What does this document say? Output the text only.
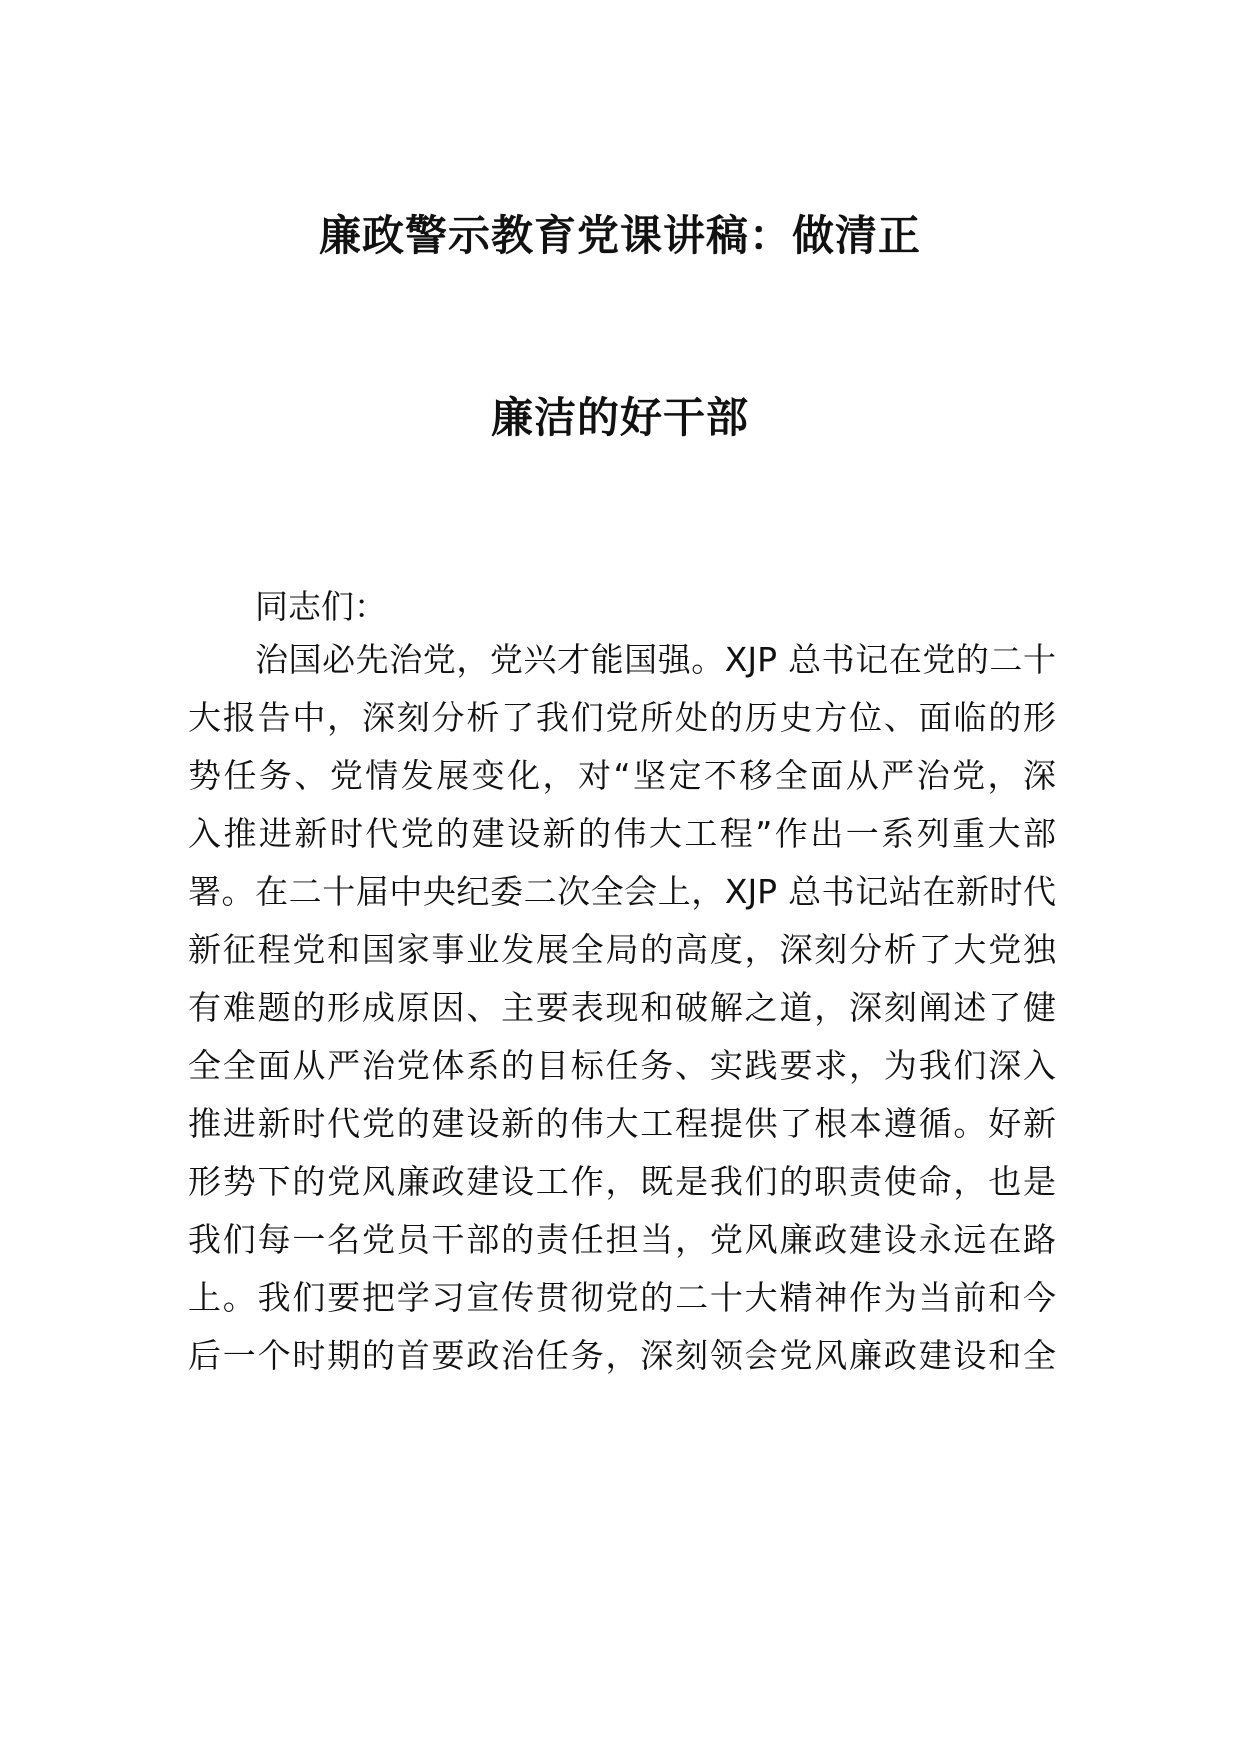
廉政警示教育党课讲稿：做清正
廉洁的好干部
同志们：
治国必先治党，党兴才能国强。XJP 总书记在党的二十
大报告中，深刻分析了我们党所处的历史方位、面临的形
势任务、党情发展变化，对“坚定不移全面从严治党，深
入推进新时代党的建设新的伟大工程”作出一系列重大部
署。在二十届中央纪委二次全会上，XJP 总书记站在新时代
新征程党和国家事业发展全局的高度，深刻分析了大党独
有难题的形成原因、主要表现和破解之道，深刻阐述了健
全全面从严治党体系的目标任务、实践要求，为我们深入
推进新时代党的建设新的伟大工程提供了根本遵循。好新
形势下的党风廉政建设工作，既是我们的职责使命，也是
我们每一名党员干部的责任担当，党风廉政建设永远在路
上。我们要把学习宣传贯彻党的二十大精神作为当前和今
后一个时期的首要政治任务，深刻领会党风廉政建设和全
